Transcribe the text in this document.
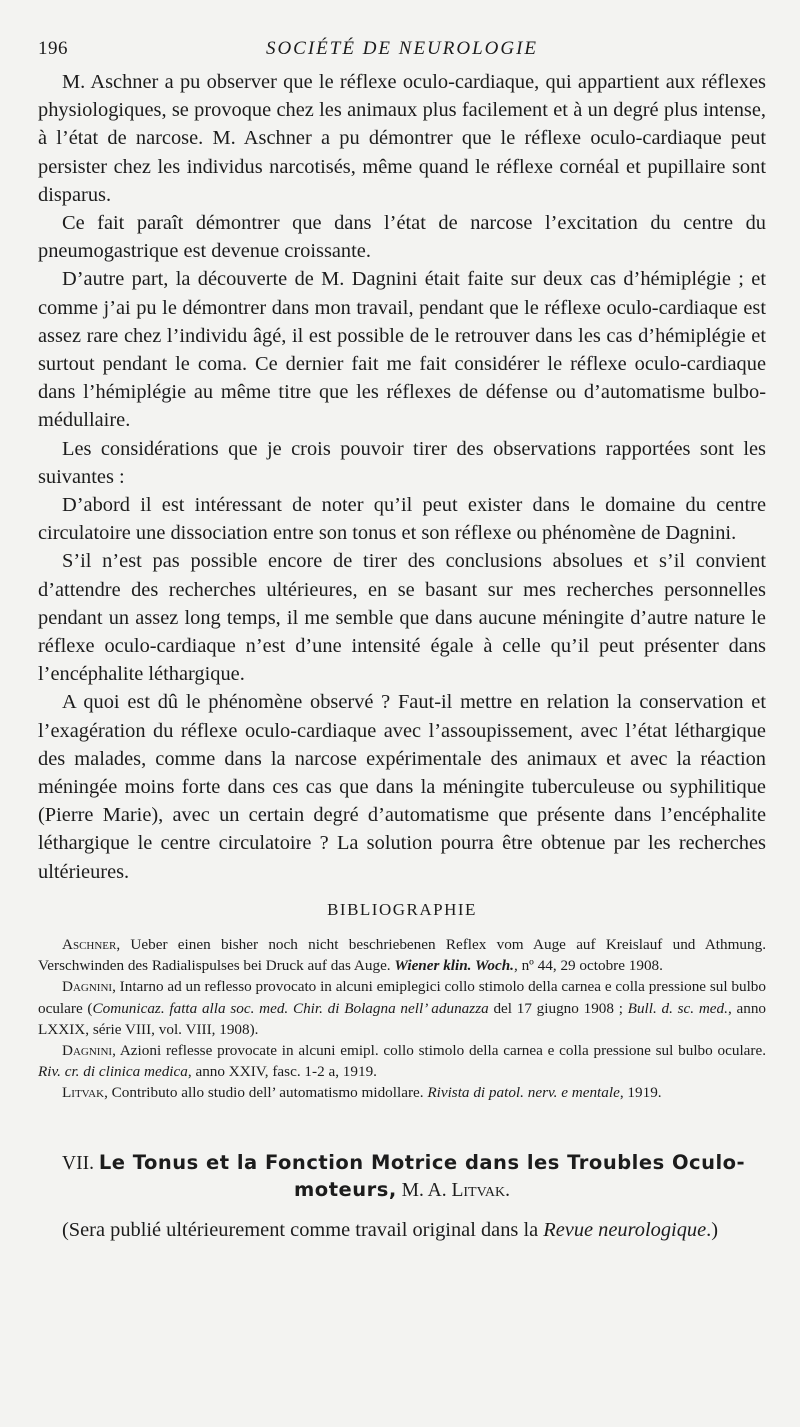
196	SOCIÉTÉ DE NEUROLOGIE

M. Aschner a pu observer que le réflexe oculo-cardiaque, qui appartient aux réflexes physiologiques, se provoque chez les animaux plus facilement et à un degré plus intense, à l’état de narcose. M. Aschner a pu démontrer que le réflexe oculo-cardiaque peut persister chez les individus narcotisés, même quand le réflexe cornéal et pupillaire sont disparus.

Ce fait paraît démontrer que dans l’état de narcose l’excitation du centre du pneumogastrique est devenue croissante.

D’autre part, la découverte de M. Dagnini était faite sur deux cas d’hémiplégie ; et comme j’ai pu le démontrer dans mon travail, pendant que le réflexe oculo-cardiaque est assez rare chez l’individu âgé, il est possible de le retrouver dans les cas d’hémiplégie et surtout pendant le coma. Ce dernier fait me fait considérer le réflexe oculo-cardiaque dans l’hémiplégie au même titre que les réflexes de défense ou d’automatisme bulbo-médullaire.

Les considérations que je crois pouvoir tirer des observations rapportées sont les suivantes :

D’abord il est intéressant de noter qu’il peut exister dans le domaine du centre circulatoire une dissociation entre son tonus et son réflexe ou phénomène de Dagnini.

S’il n’est pas possible encore de tirer des conclusions absolues et s’il convient d’attendre des recherches ultérieures, en se basant sur mes recherches personnelles pendant un assez long temps, il me semble que dans aucune méningite d’autre nature le réflexe oculo-cardiaque n’est d’une intensité égale à celle qu’il peut présenter dans l’encéphalite léthargique.

A quoi est dû le phénomène observé ? Faut-il mettre en relation la conservation et l’exagération du réflexe oculo-cardiaque avec l’assoupissement, avec l’état léthargique des malades, comme dans la narcose expérimentale des animaux et avec la réaction méningée moins forte dans ces cas que dans la méningite tuberculeuse ou syphilitique (Pierre Marie), avec un certain degré d’automatisme que présente dans l’encéphalite léthargique le centre circulatoire ? La solution pourra être obtenue par les recherches ultérieures.

BIBLIOGRAPHIE

Aschner, Ueber einen bisher noch nicht beschriebenen Reflex vom Auge auf Kreislauf und Athmung. Verschwinden des Radialispulses bei Druck auf das Auge. Wiener klin. Woch., nº 44, 29 octobre 1908.

Dagnini, Intarno ad un reflesso provocato in alcuni emiplegici collo stimolo della carnea e colla pressione sul bulbo oculare (Comunicaz. fatta alla soc. med. Chir. di Bolagna nell’ adunazza del 17 giugno 1908 ; Bull. d. sc. med., anno LXXIX, série VIII, vol. VIII, 1908).

Dagnini, Azioni reflesse provocate in alcuni emipl. collo stimolo della carnea e colla pressione sul bulbo oculare. Riv. cr. di clinica medica, anno XXIV, fasc. 1-2 a, 1919.

Litvak, Contributo allo studio dell’ automatismo midollare. Rivista di patol. nerv. e mentale, 1919.

VII. Le Tonus et la Fonction Motrice dans les Troubles Oculo-
moteurs, M. A. Litvak.

(Sera publié ultérieurement comme travail original dans la Revue neurologique.)
